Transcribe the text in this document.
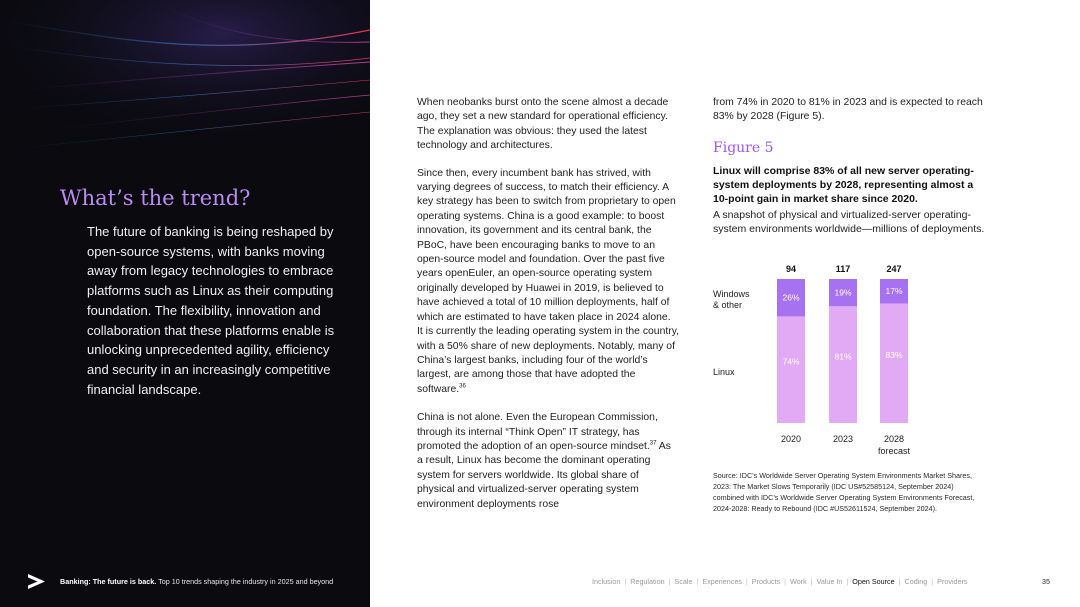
What’s the trend?

The future of banking is being reshaped by open-source systems, with banks moving away from legacy technologies to embrace platforms such as Linux as their computing foundation. The flexibility, innovation and collaboration that these platforms enable is unlocking unprecedented agility, efficiency and security in an increasingly competitive financial landscape.

Banking: The future is back. Top 10 trends shaping the industry in 2025 and beyond

When neobanks burst onto the scene almost a decade ago, they set a new standard for operational efficiency. The explanation was obvious: they used the latest technology and architectures.

Since then, every incumbent bank has strived, with varying degrees of success, to match their efficiency. A key strategy has been to switch from proprietary to open operating systems. China is a good example: to boost innovation, its government and its central bank, the PBoC, have been encouraging banks to move to an open-source model and foundation. Over the past five years openEuler, an open-source operating system originally developed by Huawei in 2019, is believed to have achieved a total of 10 million deployments, half of which are estimated to have taken place in 2024 alone. It is currently the leading operating system in the country, with a 50% share of new deployments. Notably, many of China’s largest banks, including four of the world’s largest, are among those that have adopted the software.$^{36}$

China is not alone. Even the European Commission, through its internal “Think Open” IT strategy, has promoted the adoption of an open-source mindset.$^{37}$ As a result, Linux has become the dominant operating system for servers worldwide. Its global share of physical and virtualized-server operating system environment deployments rose

from 74% in 2020 to 81% in 2023 and is expected to reach 83% by 2028 (Figure 5).

Figure 5
Linux will comprise 83% of all new server operating-system deployments by 2028, representing almost a 10-point gain in market share since 2020.
A snapshot of physical and virtualized-server operating-system environments worldwide—millions of deployments.
Windows
& other
Linux
26%
74%
94
2020
19%
81%
117
2023
17%
83%
247
2028
forecast
Source: IDC’s Worldwide Server Operating System Environments Market Shares, 2023: The Market Slows Temporarily (IDC US#52585124, September 2024) combined with IDC’s Worldwide Server Operating System Environments Forecast, 2024-2028: Ready to Rebound (IDC #US52611524, September 2024).
Inclusion | Regulation | Scale | Experiences | Products | Work | Value In | Open Source | Coding | Providers	35
